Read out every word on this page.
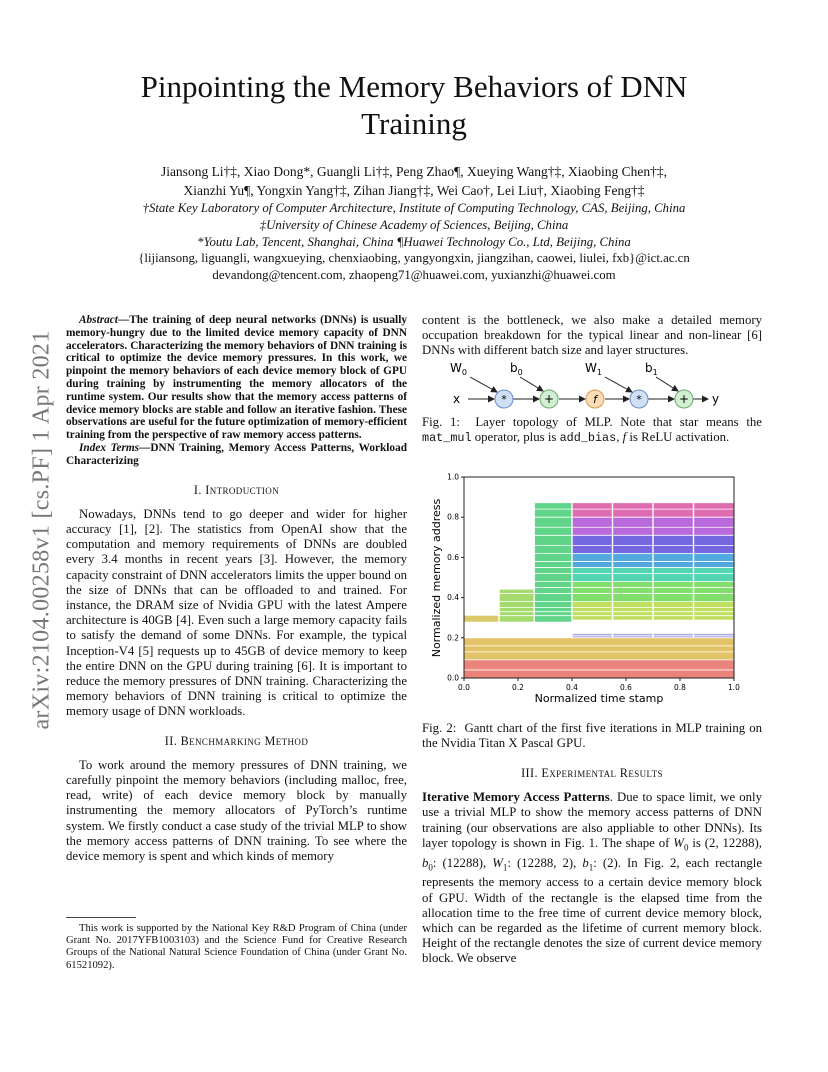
arXiv:2104.00258v1 [cs.PF] 1 Apr 2021
Pinpointing the Memory Behaviors of DNN
Training
Jiansong Li†‡, Xiao Dong*, Guangli Li†‡, Peng Zhao¶, Xueying Wang†‡, Xiaobing Chen†‡,
Xianzhi Yu¶, Yongxin Yang†‡, Zihan Jiang†‡, Wei Cao†, Lei Liu†, Xiaobing Feng†‡
†State Key Laboratory of Computer Architecture, Institute of Computing Technology, CAS, Beijing, China
‡University of Chinese Academy of Sciences, Beijing, China
*Youtu Lab, Tencent, Shanghai, China ¶Huawei Technology Co., Ltd, Beijing, China
{lijiansong, liguangli, wangxueying, chenxiaobing, yangyongxin, jiangzihan, caowei, liulei, fxb}@ict.ac.cn
devandong@tencent.com, zhaopeng71@huawei.com, yuxianzhi@huawei.com

Abstract—The training of deep neural networks (DNNs) is usually memory-hungry due to the limited device memory capacity of DNN accelerators. Characterizing the memory behaviors of DNN training is critical to optimize the device memory pressures. In this work, we pinpoint the memory behaviors of each device memory block of GPU during training by instrumenting the memory allocators of the runtime system. Our results show that the memory access patterns of device memory blocks are stable and follow an iterative fashion. These observations are useful for the future optimization of memory-efficient training from the perspective of raw memory access patterns.

Index Terms—DNN Training, Memory Access Patterns, Workload Characterizing

I. Introduction

Nowadays, DNNs tend to go deeper and wider for higher accuracy [1], [2]. The statistics from OpenAI show that the computation and memory requirements of DNNs are doubled every 3.4 months in recent years [3]. However, the memory capacity constraint of DNN accelerators limits the upper bound on the size of DNNs that can be offloaded to and trained. For instance, the DRAM size of Nvidia GPU with the latest Ampere architecture is 40GB [4]. Even such a large memory capacity fails to satisfy the demand of some DNNs. For example, the typical Inception-V4 [5] requests up to 45GB of device memory to keep the entire DNN on the GPU during training [6]. It is important to reduce the memory pressures of DNN training. Characterizing the memory behaviors of DNN training is critical to optimize the memory usage of DNN workloads.

II. Benchmarking Method

To work around the memory pressures of DNN training, we carefully pinpoint the memory behaviors (including malloc, free, read, write) of each device memory block by manually instrumenting the memory allocators of PyTorch’s runtime system. We firstly conduct a case study of the trivial MLP to show the memory access patterns of DNN training. To see where the device memory is spent and which kinds of memory

This work is supported by the National Key R&D Program of China (under Grant No. 2017YFB1003103) and the Science Fund for Creative Research Groups of the National Natural Science Foundation of China (under Grant No. 61521092).

content is the bottleneck, we also make a detailed memory occupation breakdown for the typical linear and non-linear [6] DNNs with different batch size and layer structures.

$W_0$	$b_0$	$W_1$	$b_1$
x	y
*	+	f	*	+

Fig. 1: Layer topology of MLP. Note that star means the mat_mul operator, plus is add_bias, f is ReLU activation.

0.0	0.2	0.4	0.6	0.8	1.0
0.0
0.2
0.4
0.6
0.8
1.0
Normalized time stamp
Normalized memory address

Fig. 2: Gantt chart of the first five iterations in MLP training on the Nvidia Titan X Pascal GPU.

III. Experimental Results

Iterative Memory Access Patterns. Due to space limit, we only use a trivial MLP to show the memory access patterns of DNN training (our observations are also appliable to other DNNs). Its layer topology is shown in Fig. 1. The shape of $W_0$ is (2, 12288), $b_0$: (12288), $W_1$: (12288, 2), $b_1$: (2). In Fig. 2, each rectangle represents the memory access to a certain device memory block of GPU. Width of the rectangle is the elapsed time from the allocation time to the free time of current device memory block, which can be regarded as the lifetime of current memory block. Height of the rectangle denotes the size of current device memory block. We observe
